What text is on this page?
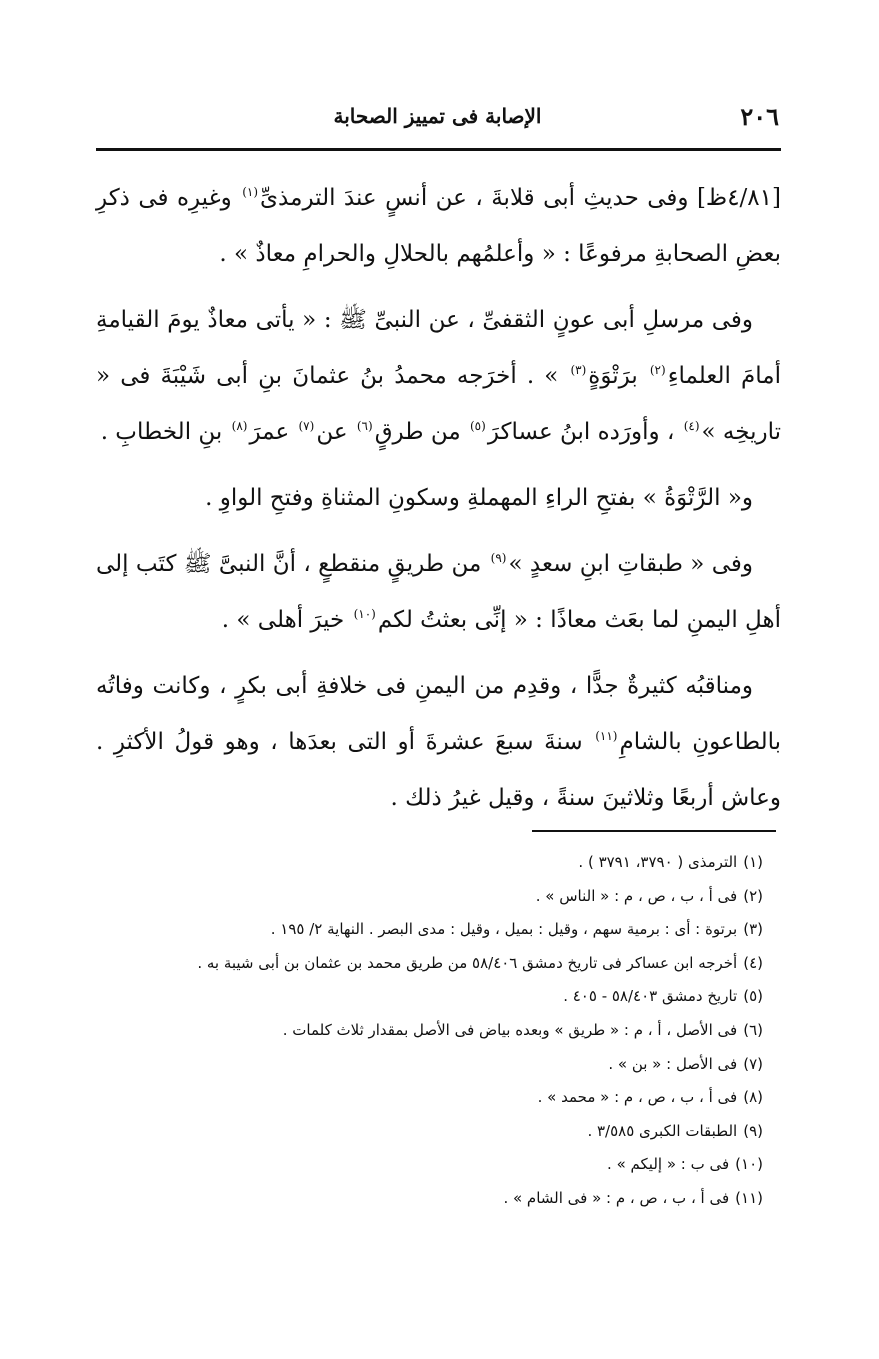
٢٠٦
الإصابة فى تمييز الصحابة

[٤/٨١ظ] وفى حديثِ أبى قلابةَ ، عن أنسٍ عندَ الترمذىِّ$^{(١)}$ وغيرِه فى ذكرِ بعضِ الصحابةِ مرفوعًا : « وأعلمُهم بالحلالِ والحرامِ معاذٌ » .

وفى مرسلِ أبى عونٍ الثقفىِّ ، عن النبىِّ ﷺ : « يأتى معاذٌ يومَ القيامةِ أمامَ العلماءِ$^{(٢)}$ برَتْوَةٍ$^{(٣)}$ » . أخرَجه محمدُ بنُ عثمانَ بنِ أبى شَيْبَةَ فى « تاريخِه »$^{(٤)}$ ، وأورَده ابنُ عساكرَ$^{(٥)}$ من طرقٍ$^{(٦)}$ عن$^{(٧)}$ عمرَ$^{(٨)}$ بنِ الخطابِ .

و« الرَّتْوَةُ » بفتحِ الراءِ المهملةِ وسكونِ المثناةِ وفتحِ الواوِ .

وفى « طبقاتِ ابنِ سعدٍ »$^{(٩)}$ من طريقٍ منقطعٍ ، أنَّ النبىَّ ﷺ كتَب إلى أهلِ اليمنِ لما بعَث معاذًا : « إنِّى بعثتُ لكم$^{(١٠)}$ خيرَ أهلى » .

ومناقبُه كثيرةٌ جدًّا ، وقدِم من اليمنِ فى خلافةِ أبى بكرٍ ، وكانت وفاتُه بالطاعونِ بالشامِ$^{(١١)}$ سنةَ سبعَ عشرةَ أو التى بعدَها ، وهو قولُ الأكثرِ . وعاش أربعًا وثلاثينَ سنةً ، وقيل غيرُ ذلك .

(١)الترمذى ( ٣٧٩٠، ٣٧٩١ ) .
(٢)فى أ ، ب ، ص ، م : « الناس » .
(٣)برتوة : أى : برمية سهم ، وقيل : بميل ، وقيل : مدى البصر . النهاية ٢/ ١٩٥ .
(٤)أخرجه ابن عساكر فى تاريخ دمشق ٥٨/٤٠٦ من طريق محمد بن عثمان بن أبى شيبة به .
(٥)تاريخ دمشق ٥٨/٤٠٣ - ٤٠٥ .
(٦)فى الأصل ، أ ، م : « طريق » وبعده بياض فى الأصل بمقدار ثلاث كلمات .
(٧)فى الأصل : « بن » .
(٨)فى أ ، ب ، ص ، م : « محمد » .
(٩)الطبقات الكبرى ٣/٥٨٥ .
(١٠)فى ب : « إليكم » .
(١١)فى أ ، ب ، ص ، م : « فى الشام » .
